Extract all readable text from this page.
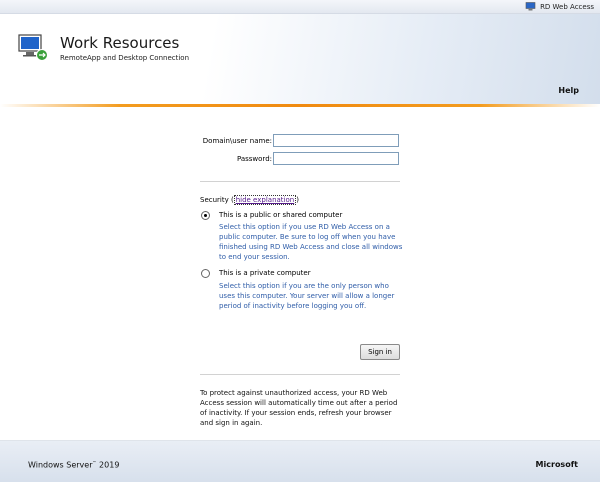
RD Web Access
Work Resources
RemoteApp and Desktop Connection
Help
Domain\user name:
Password:
Security ( hide explanation )
This is a public or shared computer
Select this option if you use RD Web Access on a public computer. Be sure to log off when you have finished using RD Web Access and close all windows to end your session.
This is a private computer
Select this option if you are the only person who uses this computer. Your server will allow a longer period of inactivity before logging you off.
Sign in
To protect against unauthorized access, your RD Web Access session will automatically time out after a period of inactivity. If your session ends, refresh your browser and sign in again.
Windows Server™ 2019	Microsoft
